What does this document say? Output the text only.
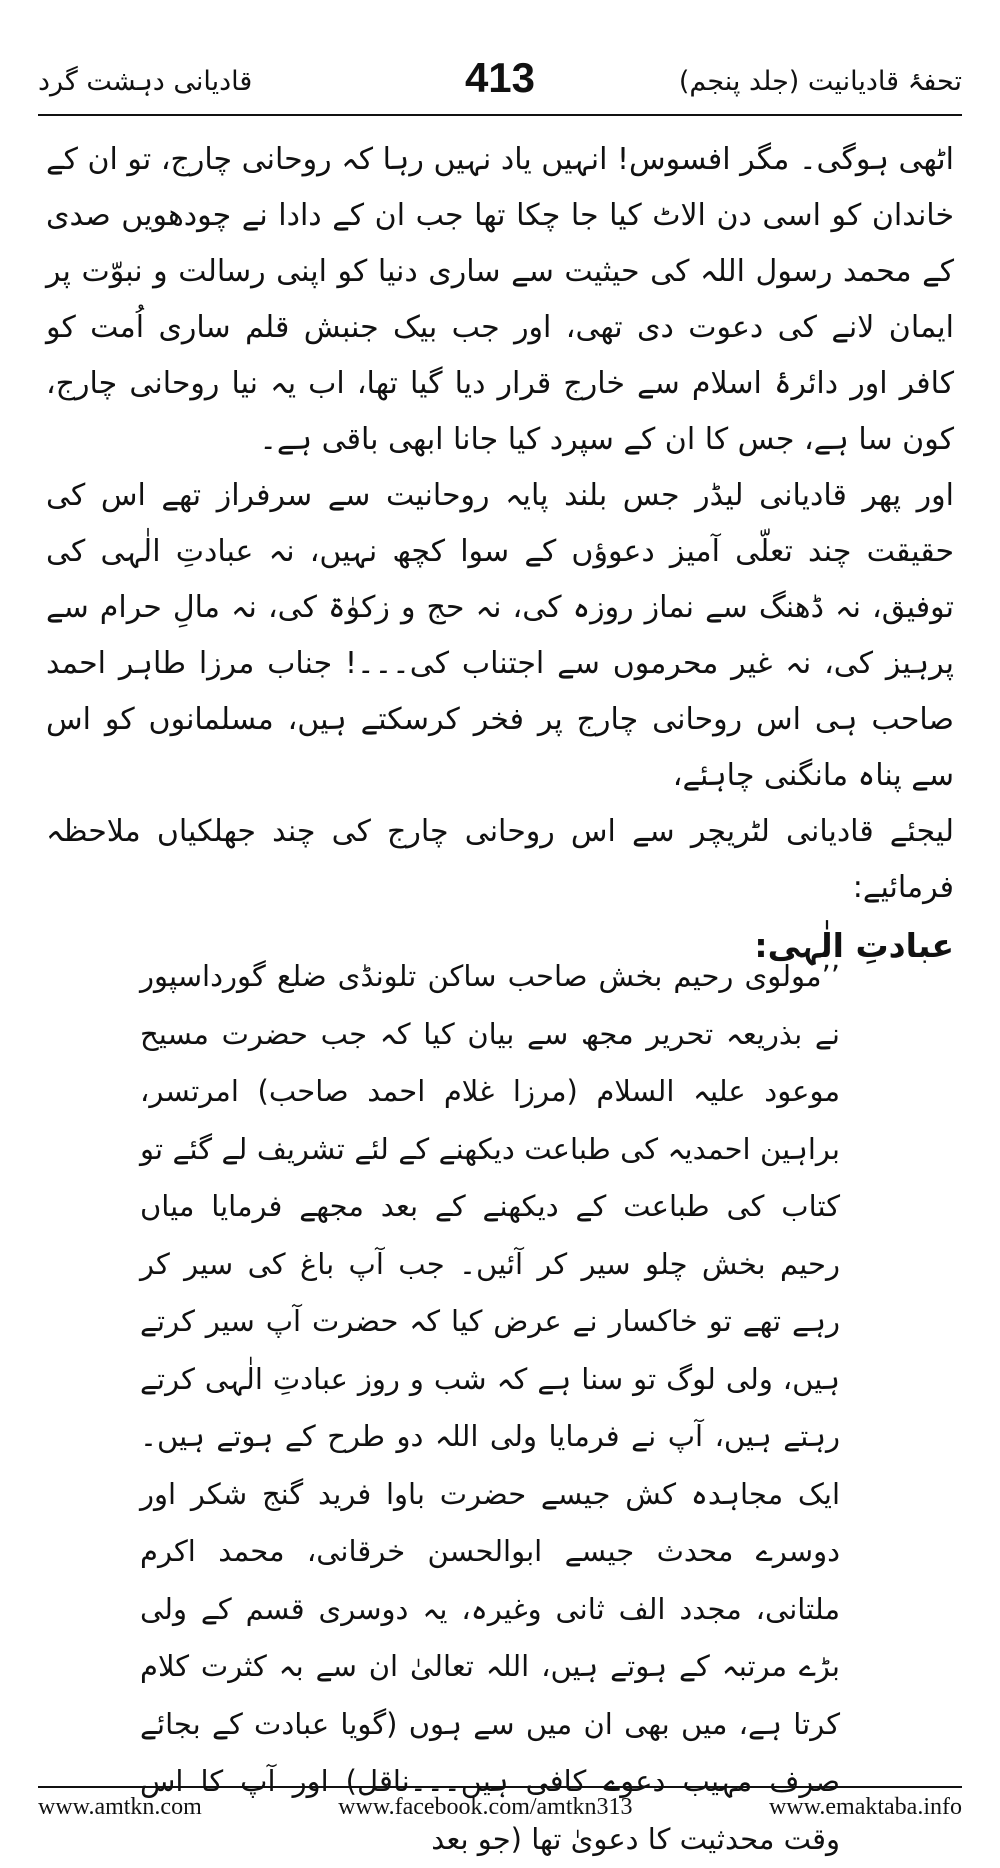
تحفۂ قادیانیت (جلد پنجم)
413
قادیانی دہشت گرد

اٹھی ہوگی۔ مگر افسوس! انہیں یاد نہیں رہا کہ روحانی چارج، تو ان کے خاندان کو اسی دن الاٹ کیا جا چکا تھا جب ان کے دادا نے چودھویں صدی کے محمد رسول اللہ کی حیثیت سے ساری دنیا کو اپنی رسالت و نبوّت پر ایمان لانے کی دعوت دی تھی، اور جب بیک جنبش قلم ساری اُمت کو کافر اور دائرۂ اسلام سے خارج قرار دیا گیا تھا، اب یہ نیا روحانی چارج، کون سا ہے، جس کا ان کے سپرد کیا جانا ابھی باقی ہے۔

اور پھر قادیانی لیڈر جس بلند پایہ روحانیت سے سرفراز تھے اس کی حقیقت چند تعلّی آمیز دعوؤں کے سوا کچھ نہیں، نہ عبادتِ الٰہی کی توفیق، نہ ڈھنگ سے نماز روزہ کی، نہ حج و زکوٰۃ کی، نہ مالِ حرام سے پرہیز کی، نہ غیر محرموں سے اجتناب کی۔۔۔! جناب مرزا طاہر احمد صاحب ہی اس روحانی چارج پر فخر کرسکتے ہیں، مسلمانوں کو اس سے پناہ مانگنی چاہئے،

لیجئے قادیانی لٹریچر سے اس روحانی چارج کی چند جھلکیاں ملاحظہ فرمائیے:

عبادتِ الٰہی:

’’مولوی رحیم بخش صاحب ساکن تلونڈی ضلع گورداسپور نے بذریعہ تحریر مجھ سے بیان کیا کہ جب حضرت مسیح موعود علیہ السلام (مرزا غلام احمد صاحب) امرتسر، براہین احمدیہ کی طباعت دیکھنے کے لئے تشریف لے گئے تو کتاب کی طباعت کے دیکھنے کے بعد مجھے فرمایا میاں رحیم بخش چلو سیر کر آئیں۔ جب آپ باغ کی سیر کر رہے تھے تو خاکسار نے عرض کیا کہ حضرت آپ سیر کرتے ہیں، ولی لوگ تو سنا ہے کہ شب و روز عبادتِ الٰہی کرتے رہتے ہیں، آپ نے فرمایا ولی اللہ دو طرح کے ہوتے ہیں۔ ایک مجاہدہ کش جیسے حضرت باوا فرید گنج شکر اور دوسرے محدث جیسے ابوالحسن خرقانی، محمد اکرم ملتانی، مجدد الف ثانی وغیرہ، یہ دوسری قسم کے ولی بڑے مرتبہ کے ہوتے ہیں، اللہ تعالیٰ ان سے بہ کثرت کلام کرتا ہے، میں بھی ان میں سے ہوں (گویا عبادت کے بجائے صرف مہیب دعوے کافی ہیں۔۔۔ناقل) اور آپ کا اس وقت محدثیت کا دعویٰ تھا (جو بعد

www.amtkn.com	www.facebook.com/amtkn313	www.emaktaba.info
